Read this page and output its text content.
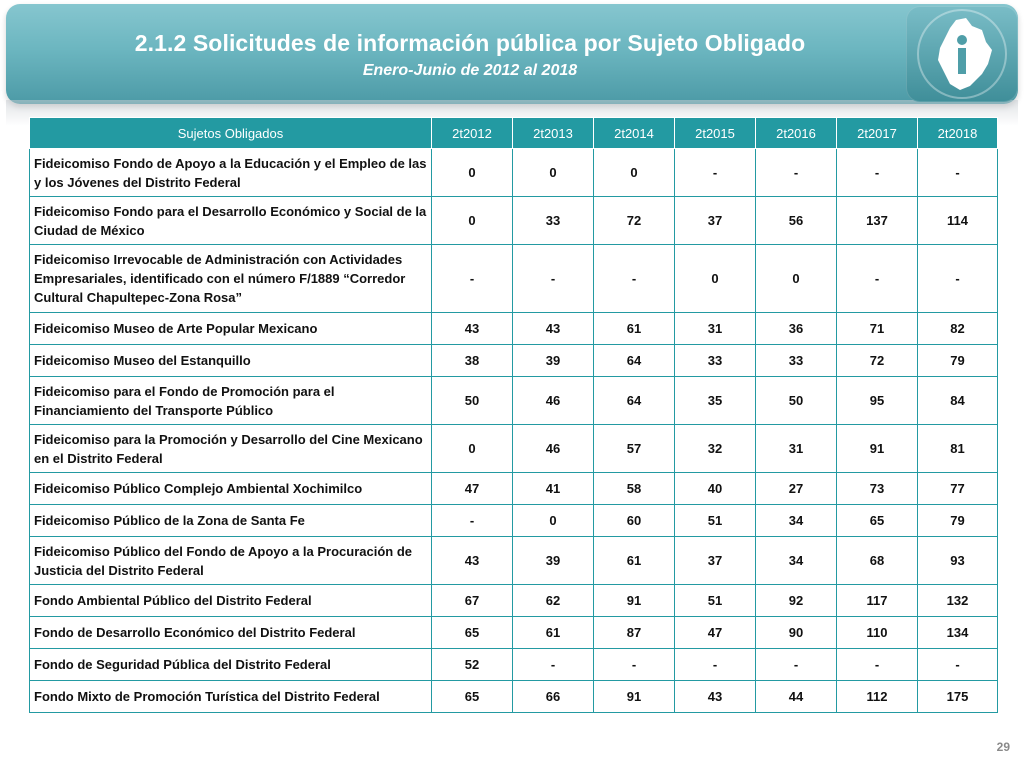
2.1.2 Solicitudes de información pública por Sujeto Obligado
Enero-Junio de 2012 al 2018
Sujetos Obligados	2t2012	2t2013	2t2014	2t2015	2t2016	2t2017	2t2018
Fideicomiso Fondo de Apoyo a la Educación y el Empleo de las y los Jóvenes del Distrito Federal	0	0	0	-	-	-	-
Fideicomiso Fondo para el Desarrollo Económico y Social de la Ciudad de México	0	33	72	37	56	137	114
Fideicomiso Irrevocable de Administración con Actividades Empresariales, identificado con el número F/1889 “Corredor Cultural Chapultepec-Zona Rosa”	-	-	-	0	0	-	-
Fideicomiso Museo de Arte Popular Mexicano	43	43	61	31	36	71	82
Fideicomiso Museo del Estanquillo	38	39	64	33	33	72	79
Fideicomiso para el Fondo de Promoción para el Financiamiento del Transporte Público	50	46	64	35	50	95	84
Fideicomiso para la Promoción y Desarrollo del Cine Mexicano en el Distrito Federal	0	46	57	32	31	91	81
Fideicomiso Público Complejo Ambiental Xochimilco	47	41	58	40	27	73	77
Fideicomiso Público de la Zona de Santa Fe	-	0	60	51	34	65	79
Fideicomiso Público del Fondo de Apoyo a la Procuración de Justicia del Distrito Federal	43	39	61	37	34	68	93
Fondo Ambiental Público del Distrito Federal	67	62	91	51	92	117	132
Fondo de Desarrollo Económico del Distrito Federal	65	61	87	47	90	110	134
Fondo de Seguridad Pública del Distrito Federal	52	-	-	-	-	-	-
Fondo Mixto de Promoción Turística del Distrito Federal	65	66	91	43	44	112	175
29
